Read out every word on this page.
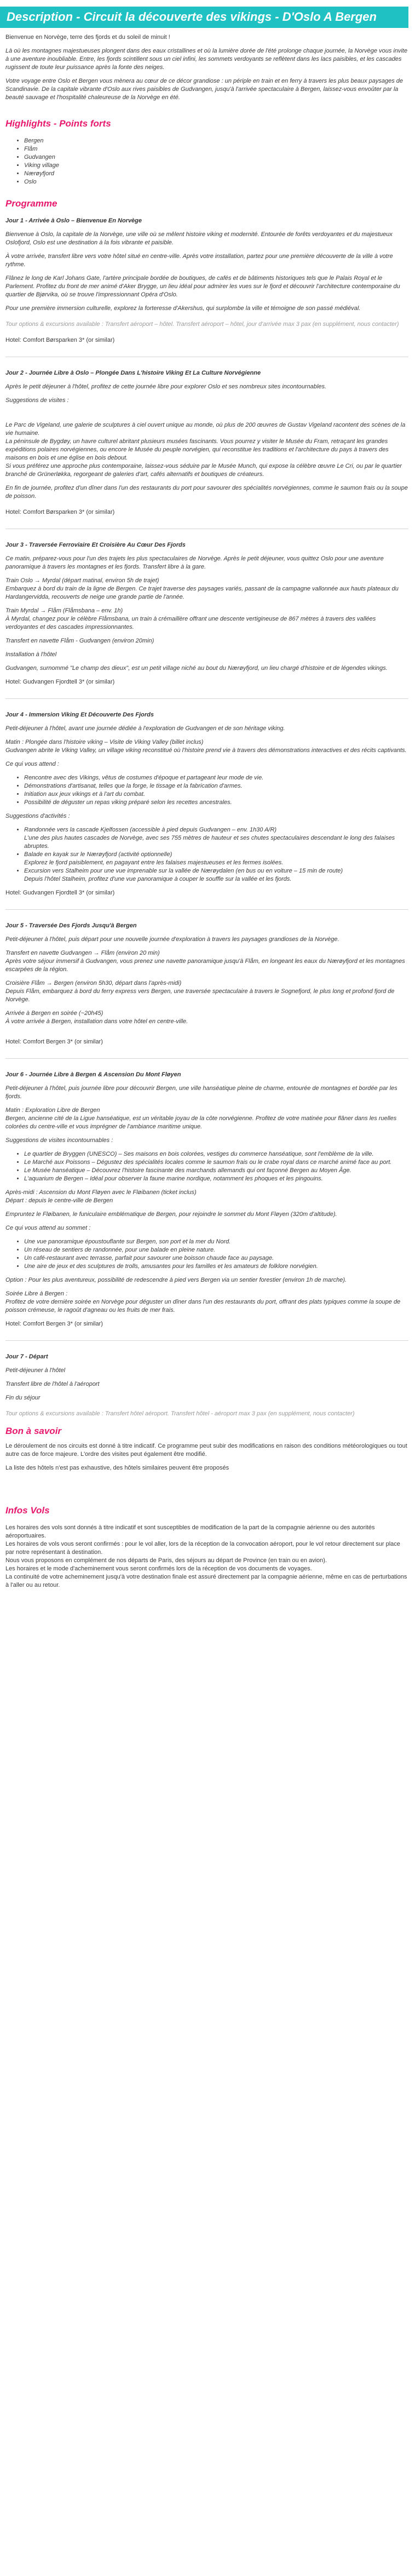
Description - Circuit la découverte des vikings - D'Oslo A Bergen

Bienvenue en Norvège, terre des fjords et du soleil de minuit !

Là où les montagnes majestueuses plongent dans des eaux cristallines et où la lumière dorée de l'été prolonge chaque journée, la Norvège vous invite à une aventure inoubliable. Entre, les fjords scintillent sous un ciel infini, les sommets verdoyants se reflètent dans les lacs paisibles, et les cascades rugissent de toute leur puissance après la fonte des neiges.

Votre voyage entre Oslo et Bergen vous mènera au cœur de ce décor grandiose : un périple en train et en ferry à travers les plus beaux paysages de Scandinavie. De la capitale vibrante d'Oslo aux rives paisibles de Gudvangen, jusqu'à l'arrivée spectaculaire à Bergen, laissez-vous envoûter par la beauté sauvage et l'hospitalité chaleureuse de la Norvège en été.

Highlights - Points forts
• Bergen
• Flåm
• Gudvangen
• Viking village
• Nærøyfjord
• Oslo
Programme
Jour 1 - Arrivée à Oslo – Bienvenue En Norvège

Bienvenue à Oslo, la capitale de la Norvège, une ville où se mêlent histoire viking et modernité. Entourée de forêts verdoyantes et du majestueux Oslofjord, Oslo est une destination à la fois vibrante et paisible.

À votre arrivée, transfert libre vers votre hôtel situé en centre-ville. Après votre installation, partez pour une première découverte de la ville à votre rythme.

Flânez le long de Karl Johans Gate, l'artère principale bordée de boutiques, de cafés et de bâtiments historiques tels que le Palais Royal et le Parlement. Profitez du front de mer animé d'Aker Brygge, un lieu idéal pour admirer les vues sur le fjord et découvrir l'architecture contemporaine du quartier de Bjørvika, où se trouve l'impressionnant Opéra d'Oslo.

Pour une première immersion culturelle, explorez la forteresse d'Akershus, qui surplombe la ville et témoigne de son passé médiéval.

Tour options & excursions available : Transfert aéroport – hôtel. Transfert aéroport – hôtel, jour d'arrivée max 3 pax (en supplément, nous contacter)

Hotel: Comfort Børsparken 3* (or similar)

Jour 2 - Journée Libre à Oslo – Plongée Dans L'histoire Viking Et La Culture Norvégienne

Après le petit déjeuner à l'hôtel, profitez de cette journée libre pour explorer Oslo et ses nombreux sites incontournables.

Suggestions de visites :

Le Parc de Vigeland, une galerie de sculptures à ciel ouvert unique au monde, où plus de 200 œuvres de Gustav Vigeland racontent des scènes de la vie humaine.

La péninsule de Bygdøy, un havre culturel abritant plusieurs musées fascinants. Vous pourrez y visiter le Musée du Fram, retraçant les grandes expéditions polaires norvégiennes, ou encore le Musée du peuple norvégien, qui reconstitue les traditions et l'architecture du pays à travers des maisons en bois et une église en bois debout.

Si vous préférez une approche plus contemporaine, laissez-vous séduire par le Musée Munch, qui expose la célèbre œuvre Le Cri, ou par le quartier branché de Grünerløkka, regorgeant de galeries d'art, cafés alternatifs et boutiques de créateurs.

En fin de journée, profitez d'un dîner dans l'un des restaurants du port pour savourer des spécialités norvégiennes, comme le saumon frais ou la soupe de poisson.

Hotel: Comfort Børsparken 3* (or similar)

Jour 3 - Traversée Ferroviaire Et Croisière Au Cœur Des Fjords

Ce matin, préparez-vous pour l'un des trajets les plus spectaculaires de Norvège. Après le petit déjeuner, vous quittez Oslo pour une aventure panoramique à travers les montagnes et les fjords. Transfert libre à la gare.

Train Oslo → Myrdal (départ matinal, environ 5h de trajet)

Embarquez à bord du train de la ligne de Bergen. Ce trajet traverse des paysages variés, passant de la campagne vallonnée aux hauts plateaux du Hardangervidda, recouverts de neige une grande partie de l'année.

Train Myrdal → Flåm (Flåmsbana – env. 1h)

À Myrdal, changez pour le célèbre Flåmsbana, un train à crémaillère offrant une descente vertigineuse de 867 mètres à travers des vallées verdoyantes et des cascades impressionnantes.

Transfert en navette Flåm - Gudvangen (environ 20min)

Installation à l'hôtel

Gudvangen, surnommé "Le champ des dieux", est un petit village niché au bout du Nærøyfjord, un lieu chargé d'histoire et de légendes vikings.

Hotel: Gudvangen Fjordtell 3* (or similar)

Jour 4 - Immersion Viking Et Découverte Des Fjords

Petit-déjeuner à l'hôtel, avant une journée dédiée à l'exploration de Gudvangen et de son héritage viking.

Matin : Plongée dans l'histoire viking – Visite de Viking Valley (billet inclus)

Gudvangen abrite le Viking Valley, un village viking reconstitué où l'histoire prend vie à travers des démonstrations interactives et des récits captivants.

Ce qui vous attend :

• Rencontre avec des Vikings, vêtus de costumes d'époque et partageant leur mode de vie.
• Démonstrations d'artisanat, telles que la forge, le tissage et la fabrication d'armes.
• Initiation aux jeux vikings et à l'art du combat.
• Possibilité de déguster un repas viking préparé selon les recettes ancestrales.

Suggestions d'activités :

• Randonnée vers la cascade Kjelfossen (accessible à pied depuis Gudvangen – env. 1h30 A/R)
L'une des plus hautes cascades de Norvège, avec ses 755 mètres de hauteur et ses chutes spectaculaires descendant le long des falaises abruptes.
• Balade en kayak sur le Nærøyfjord (activité optionnelle)
Explorez le fjord paisiblement, en pagayant entre les falaises majestueuses et les fermes isolées.
• Excursion vers Stalheim pour une vue imprenable sur la vallée de Nærøydalen (en bus ou en voiture – 15 min de route)
Depuis l'hôtel Stalheim, profitez d'une vue panoramique à couper le souffle sur la vallée et les fjords.

Hotel: Gudvangen Fjordtell 3* (or similar)

Jour 5 - Traversée Des Fjords Jusqu'à Bergen

Petit-déjeuner à l'hôtel, puis départ pour une nouvelle journée d'exploration à travers les paysages grandioses de la Norvège.

Transfert en navette Gudvangen → Flåm (environ 20 min)

Après votre séjour immersif à Gudvangen, vous prenez une navette panoramique jusqu'à Flåm, en longeant les eaux du Nærøyfjord et les montagnes escarpées de la région.

Croisière Flåm → Bergen (environ 5h30, départ dans l'après-midi)

Depuis Flåm, embarquez à bord du ferry express vers Bergen, une traversée spectaculaire à travers le Sognefjord, le plus long et profond fjord de Norvège.

Arrivée à Bergen en soirée (~20h45)

À votre arrivée à Bergen, installation dans votre hôtel en centre-ville.

Hotel: Comfort Bergen 3* (or similar)

Jour 6 - Journée Libre à Bergen & Ascension Du Mont Fløyen

Petit-déjeuner à l'hôtel, puis journée libre pour découvrir Bergen, une ville hanséatique pleine de charme, entourée de montagnes et bordée par les fjords.

Matin : Exploration Libre de Bergen

Bergen, ancienne cité de la Ligue hanséatique, est un véritable joyau de la côte norvégienne. Profitez de votre matinée pour flâner dans les ruelles colorées du centre-ville et vous imprégner de l'ambiance maritime unique.

Suggestions de visites incontournables :

• Le quartier de Bryggen (UNESCO) – Ses maisons en bois colorées, vestiges du commerce hanséatique, sont l'emblème de la ville.
• Le Marché aux Poissons – Dégustez des spécialités locales comme le saumon frais ou le crabe royal dans ce marché animé face au port.
• Le Musée hanséatique – Découvrez l'histoire fascinante des marchands allemands qui ont façonné Bergen au Moyen Âge.
• L'aquarium de Bergen – Idéal pour observer la faune marine nordique, notamment les phoques et les pingouins.

Après-midi : Ascension du Mont Fløyen avec le Fløibanen (ticket inclus)

Départ : depuis le centre-ville de Bergen

Empruntez le Fløibanen, le funiculaire emblématique de Bergen, pour rejoindre le sommet du Mont Fløyen (320m d'altitude).

Ce qui vous attend au sommet :

• Une vue panoramique époustouflante sur Bergen, son port et la mer du Nord.
• Un réseau de sentiers de randonnée, pour une balade en pleine nature.
• Un café-restaurant avec terrasse, parfait pour savourer une boisson chaude face au paysage.
• Une aire de jeux et des sculptures de trolls, amusantes pour les familles et les amateurs de folklore norvégien.

Option : Pour les plus aventureux, possibilité de redescendre à pied vers Bergen via un sentier forestier (environ 1h de marche).

Soirée Libre à Bergen :

Profitez de votre dernière soirée en Norvège pour déguster un dîner dans l'un des restaurants du port, offrant des plats typiques comme la soupe de poisson crémeuse, le ragoût d'agneau ou les fruits de mer frais.

Hotel: Comfort Bergen 3* (or similar)

Jour 7 - Départ

Petit-déjeuner à l'hôtel

Transfert libre de l'hôtel à l'aéroport

Fin du séjour

Tour options & excursions available : Transfert hôtel aéroport. Transfert hôtel - aéroport max 3 pax (en supplément, nous contacter)

Bon à savoir

Le déroulement de nos circuits est donné à titre indicatif. Ce programme peut subir des modifications en raison des conditions météorologiques ou tout autre cas de force majeure. L'ordre des visites peut également être modifié.

La liste des hôtels n'est pas exhaustive, des hôtels similaires peuvent être proposés

Infos Vols

Les horaires des vols sont donnés à titre indicatif et sont susceptibles de modification de la part de la compagnie aérienne ou des autorités aéroportuaires.

Les horaires de vols vous seront confirmés : pour le vol aller, lors de la réception de la convocation aéroport, pour le vol retour directement sur place par notre représentant à destination.

Nous vous proposons en complément de nos départs de Paris, des séjours au départ de Province (en train ou en avion).

Les horaires et le mode d'acheminement vous seront confirmés lors de la réception de vos documents de voyages.

La continuité de votre acheminement jusqu'à votre destination finale est assuré directement par la compagnie aérienne, même en cas de perturbations à l'aller ou au retour.
